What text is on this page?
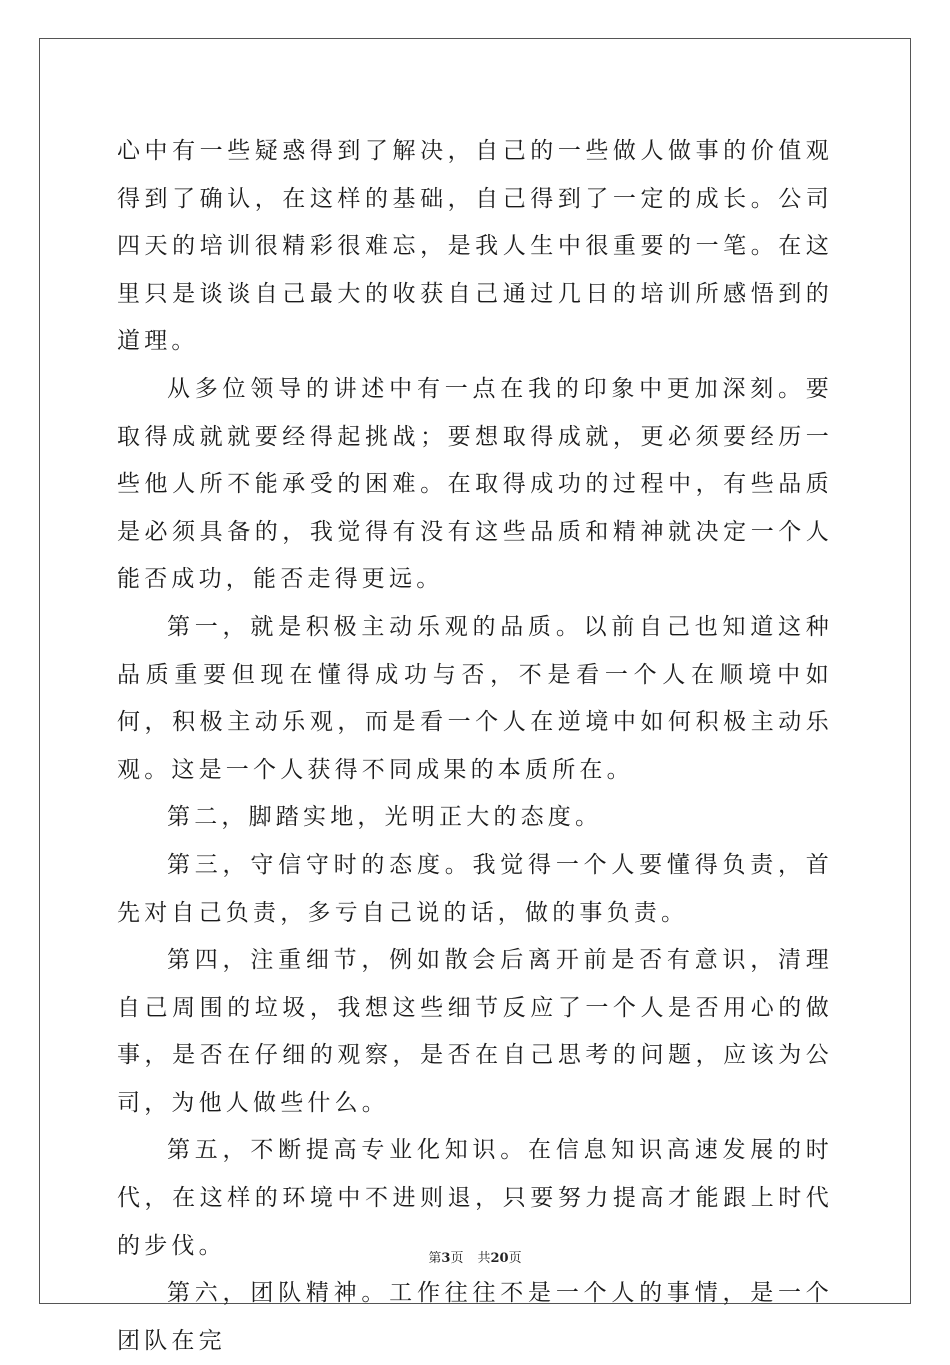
心中有一些疑惑得到了解决，自己的一些做人做事的价值观得到了确认，在这样的基础，自己得到了一定的成长。公司四天的培训很精彩很难忘，是我人生中很重要的一笔。在这里只是谈谈自己最大的收获自己通过几日的培训所感悟到的道理。

从多位领导的讲述中有一点在我的印象中更加深刻。要取得成就就要经得起挑战；要想取得成就，更必须要经历一些他人所不能承受的困难。在取得成功的过程中，有些品质是必须具备的，我觉得有没有这些品质和精神就决定一个人能否成功，能否走得更远。

第一，就是积极主动乐观的品质。以前自己也知道这种品质重要但现在懂得成功与否，不是看一个人在顺境中如何，积极主动乐观，而是看一个人在逆境中如何积极主动乐观。这是一个人获得不同成果的本质所在。

第二，脚踏实地，光明正大的态度。

第三，守信守时的态度。我觉得一个人要懂得负责，首先对自己负责，多亏自己说的话，做的事负责。

第四，注重细节，例如散会后离开前是否有意识，清理自己周围的垃圾，我想这些细节反应了一个人是否用心的做事，是否在仔细的观察，是否在自己思考的问题，应该为公司，为他人做些什么。

第五，不断提高专业化知识。在信息知识高速发展的时代，在这样的环境中不进则退，只要努力提高才能跟上时代的步伐。

第六，团队精神。工作往往不是一个人的事情，是一个团队在完

第3页 共20页
